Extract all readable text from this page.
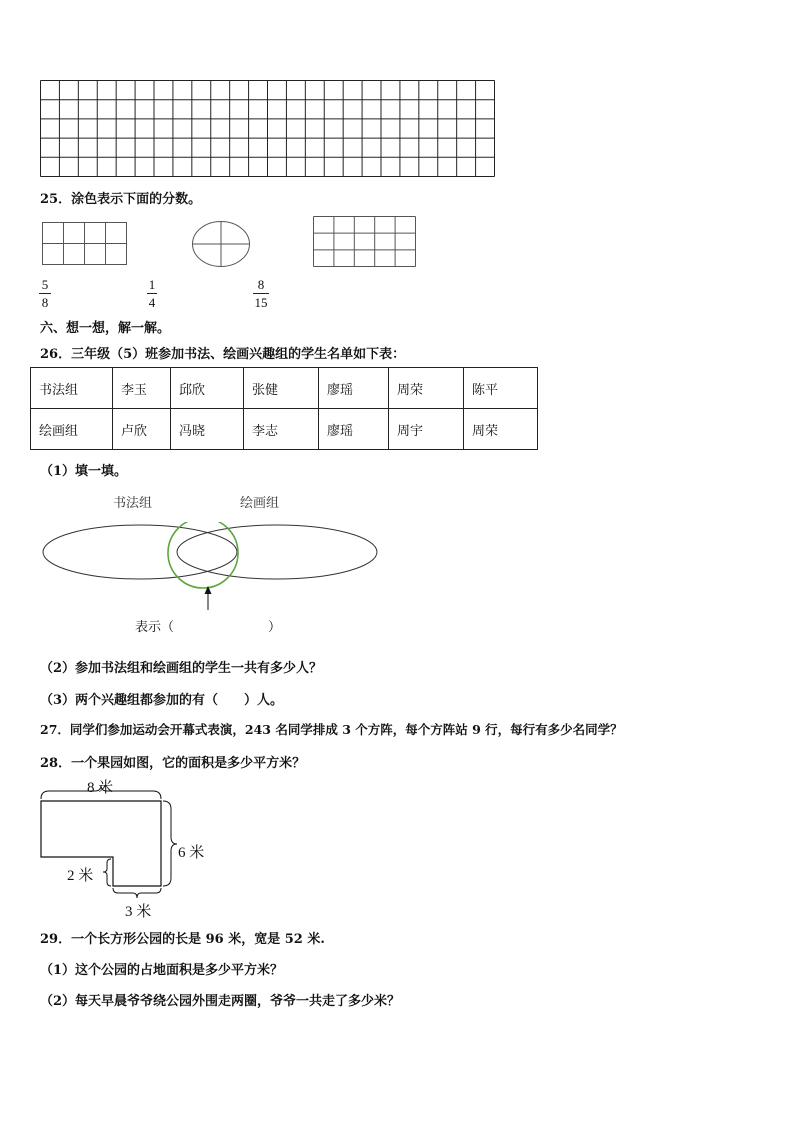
25．涂色表示下面的分数。
5
8
1
4
8
15
六、想一想，解一解。
26．三年级（5）班参加书法、绘画兴趣组的学生名单如下表：
书法组	李玉	邱欣	张健	廖瑶	周荣	陈平
绘画组	卢欣	冯晓	李志	廖瑶	周宇	周荣
（1）填一填。
书法组	绘画组
表示（	）
（2）参加书法组和绘画组的学生一共有多少人？
（3）两个兴趣组都参加的有（　　）人。
27．同学们参加运动会开幕式表演，243 名同学排成 3 个方阵，每个方阵站 9 行，每行有多少名同学？
28．一个果园如图，它的面积是多少平方米？
8 米
6 米
2 米
3 米
29．一个长方形公园的长是 96 米，宽是 52 米.
（1）这个公园的占地面积是多少平方米？
（2）每天早晨爷爷绕公园外围走两圈，爷爷一共走了多少米？
